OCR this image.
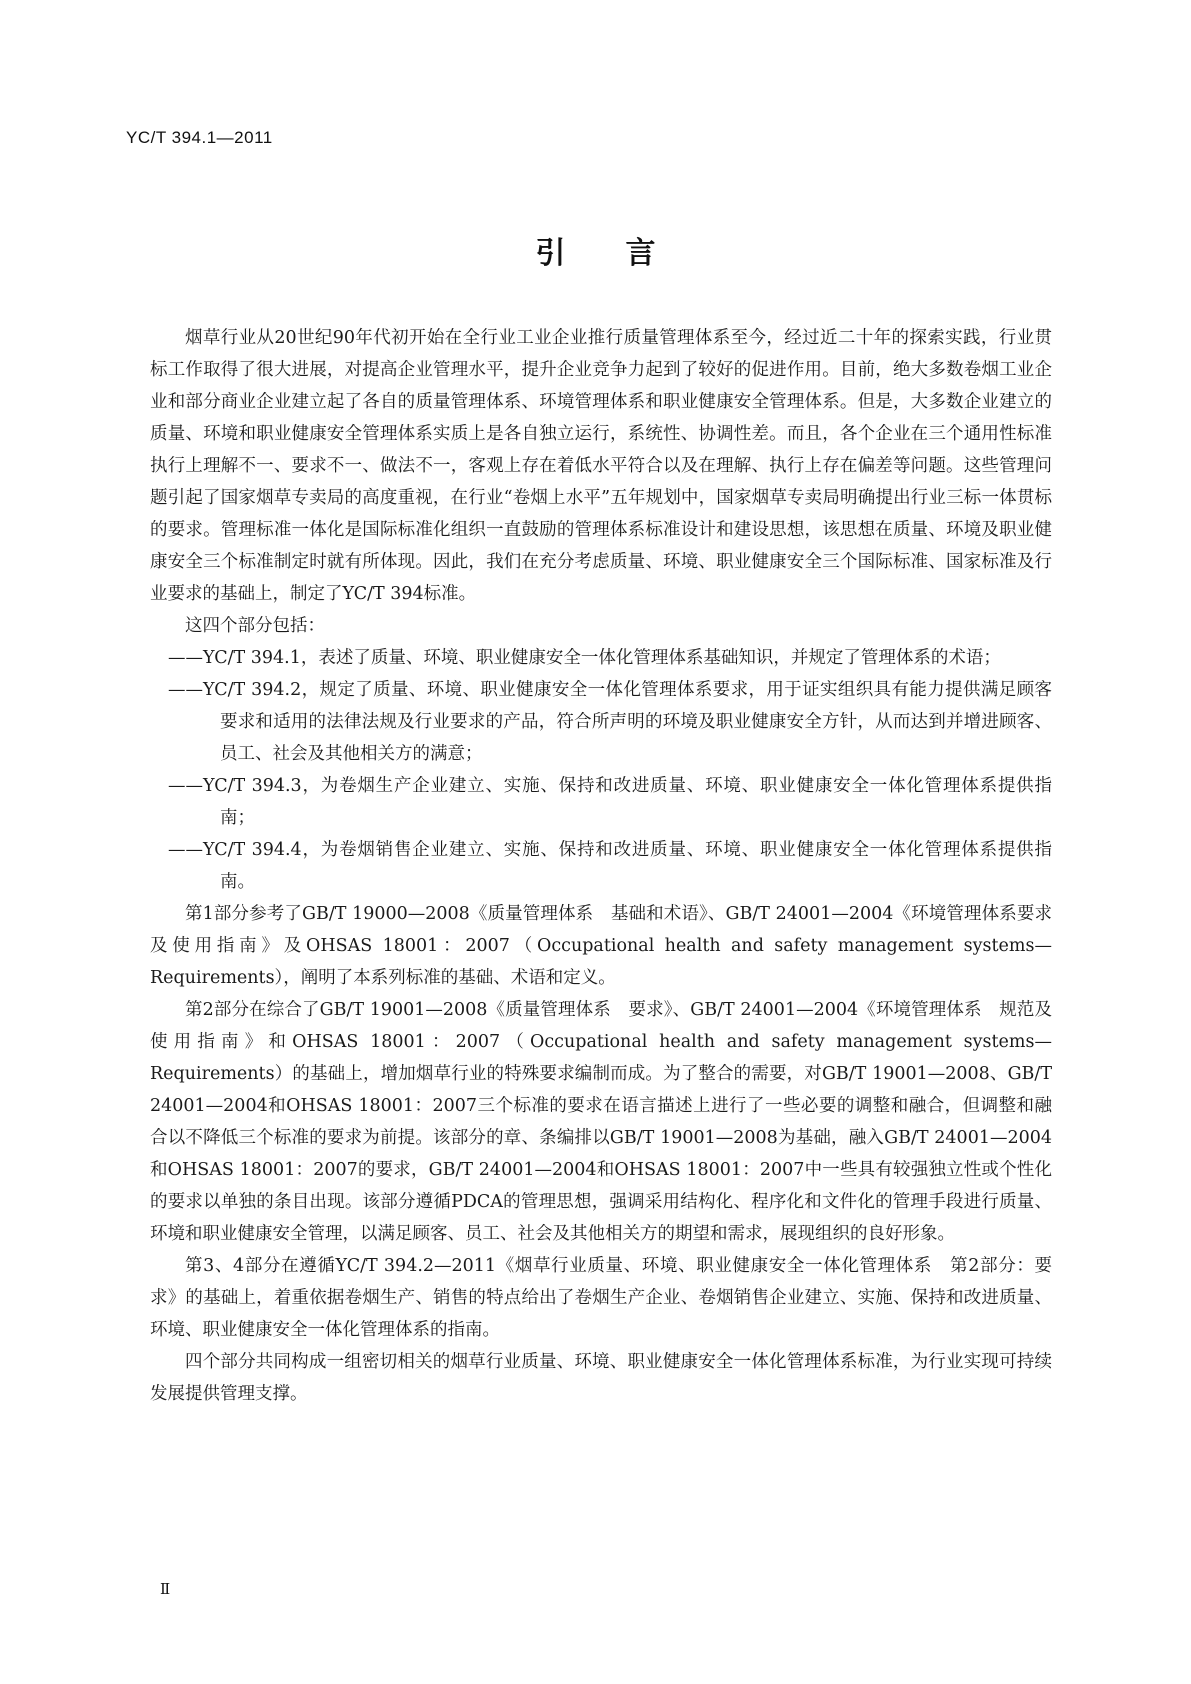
YC/T 394.1—2011
引言

烟草行业从20世纪90年代初开始在全行业工业企业推行质量管理体系至今，经过近二十年的探索实践，行业贯标工作取得了很大进展，对提高企业管理水平，提升企业竞争力起到了较好的促进作用。目前，绝大多数卷烟工业企业和部分商业企业建立起了各自的质量管理体系、环境管理体系和职业健康安全管理体系。但是，大多数企业建立的质量、环境和职业健康安全管理体系实质上是各自独立运行，系统性、协调性差。而且，各个企业在三个通用性标准执行上理解不一、要求不一、做法不一，客观上存在着低水平符合以及在理解、执行上存在偏差等问题。这些管理问题引起了国家烟草专卖局的高度重视，在行业“卷烟上水平”五年规划中，国家烟草专卖局明确提出行业三标一体贯标的要求。管理标准一体化是国际标准化组织一直鼓励的管理体系标准设计和建设思想，该思想在质量、环境及职业健康安全三个标准制定时就有所体现。因此，我们在充分考虑质量、环境、职业健康安全三个国际标准、国家标准及行业要求的基础上，制定了YC/T 394标准。

这四个部分包括：

——YC/T 394.1，表述了质量、环境、职业健康安全一体化管理体系基础知识，并规定了管理体系的术语；

——YC/T 394.2，规定了质量、环境、职业健康安全一体化管理体系要求，用于证实组织具有能力提供满足顾客要求和适用的法律法规及行业要求的产品，符合所声明的环境及职业健康安全方针，从而达到并增进顾客、员工、社会及其他相关方的满意；

——YC/T 394.3，为卷烟生产企业建立、实施、保持和改进质量、环境、职业健康安全一体化管理体系提供指南；

——YC/T 394.4，为卷烟销售企业建立、实施、保持和改进质量、环境、职业健康安全一体化管理体系提供指南。

第1部分参考了GB/T 19000—2008《质量管理体系　基础和术语》、GB/T 24001—2004《环境管理体系要求及使用指南》及OHSAS 18001：2007（Occupational health and safety management systems—Requirements），阐明了本系列标准的基础、术语和定义。

第2部分在综合了GB/T 19001—2008《质量管理体系　要求》、GB/T 24001—2004《环境管理体系　规范及使用指南》和OHSAS 18001：2007（Occupational health and safety management systems—Requirements）的基础上，增加烟草行业的特殊要求编制而成。为了整合的需要，对GB/T 19001—2008、GB/T 24001—2004和OHSAS 18001：2007三个标准的要求在语言描述上进行了一些必要的调整和融合，但调整和融合以不降低三个标准的要求为前提。该部分的章、条编排以GB/T 19001—2008为基础，融入GB/T 24001—2004和OHSAS 18001：2007的要求，GB/T 24001—2004和OHSAS 18001：2007中一些具有较强独立性或个性化的要求以单独的条目出现。该部分遵循PDCA的管理思想，强调采用结构化、程序化和文件化的管理手段进行质量、环境和职业健康安全管理，以满足顾客、员工、社会及其他相关方的期望和需求，展现组织的良好形象。

第3、4部分在遵循YC/T 394.2—2011《烟草行业质量、环境、职业健康安全一体化管理体系　第2部分：要求》的基础上，着重依据卷烟生产、销售的特点给出了卷烟生产企业、卷烟销售企业建立、实施、保持和改进质量、环境、职业健康安全一体化管理体系的指南。

四个部分共同构成一组密切相关的烟草行业质量、环境、职业健康安全一体化管理体系标准，为行业实现可持续发展提供管理支撑。

Ⅱ
